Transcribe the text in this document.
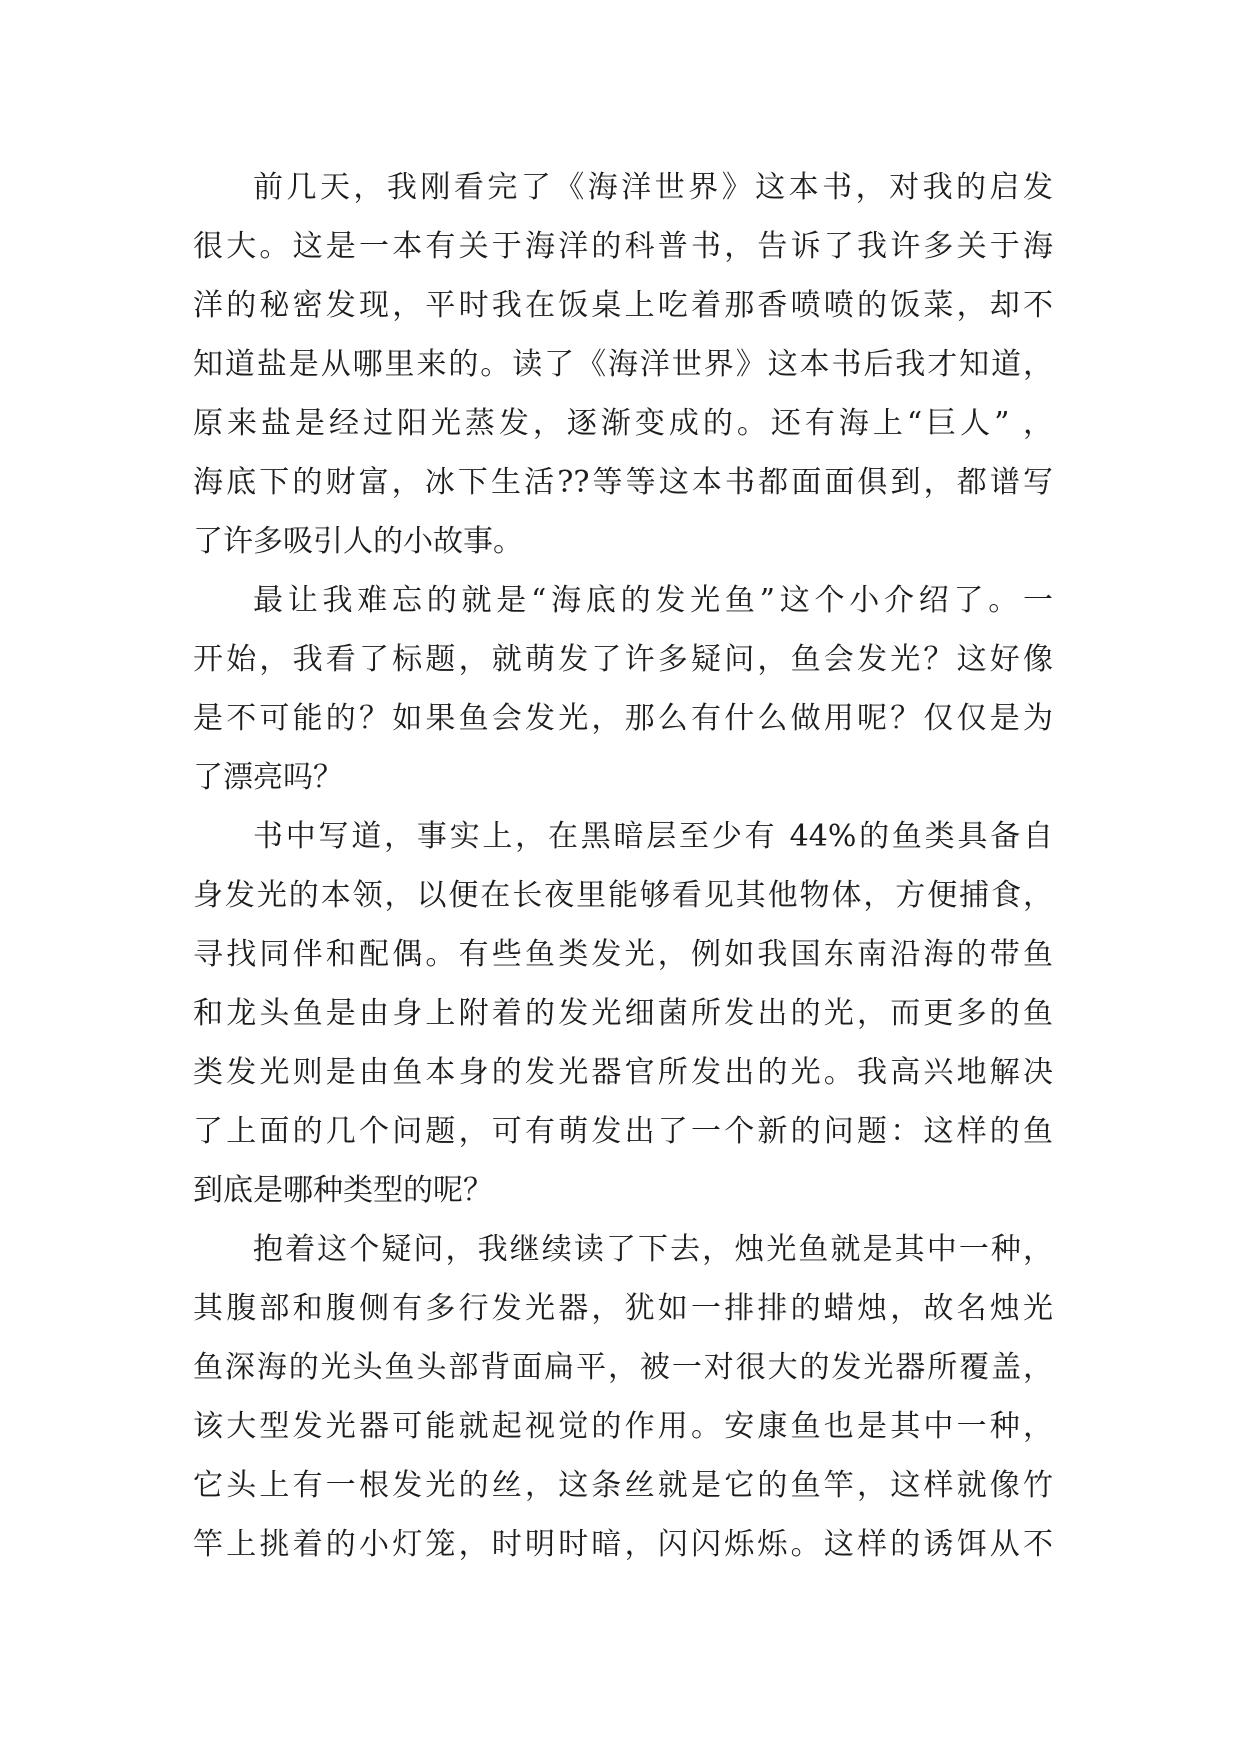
前几天，我刚看完了《海洋世界》这本书，对我的启发
很大。这是一本有关于海洋的科普书，告诉了我许多关于海
洋的秘密发现，平时我在饭桌上吃着那香喷喷的饭菜，却不
知道盐是从哪里来的。读了《海洋世界》这本书后我才知道，
原来盐是经过阳光蒸发，逐渐变成的。还有海上“巨人” ，
海底下的财富，冰下生活??等等这本书都面面俱到，都谱写
了许多吸引人的小故事。
最让我难忘的就是“海底的发光鱼”这个小介绍了。一
开始，我看了标题，就萌发了许多疑问，鱼会发光？这好像
是不可能的？如果鱼会发光，那么有什么做用呢？仅仅是为
了漂亮吗？
书中写道，事实上，在黑暗层至少有 44%的鱼类具备自
身发光的本领，以便在长夜里能够看见其他物体，方便捕食，
寻找同伴和配偶。有些鱼类发光，例如我国东南沿海的带鱼
和龙头鱼是由身上附着的发光细菌所发出的光，而更多的鱼
类发光则是由鱼本身的发光器官所发出的光。我高兴地解决
了上面的几个问题，可有萌发出了一个新的问题：这样的鱼
到底是哪种类型的呢？
抱着这个疑问，我继续读了下去，烛光鱼就是其中一种，
其腹部和腹侧有多行发光器，犹如一排排的蜡烛，故名烛光
鱼深海的光头鱼头部背面扁平，被一对很大的发光器所覆盖，
该大型发光器可能就起视觉的作用。安康鱼也是其中一种，
它头上有一根发光的丝，这条丝就是它的鱼竿，这样就像竹
竿上挑着的小灯笼，时明时暗，闪闪烁烁。这样的诱饵从不
